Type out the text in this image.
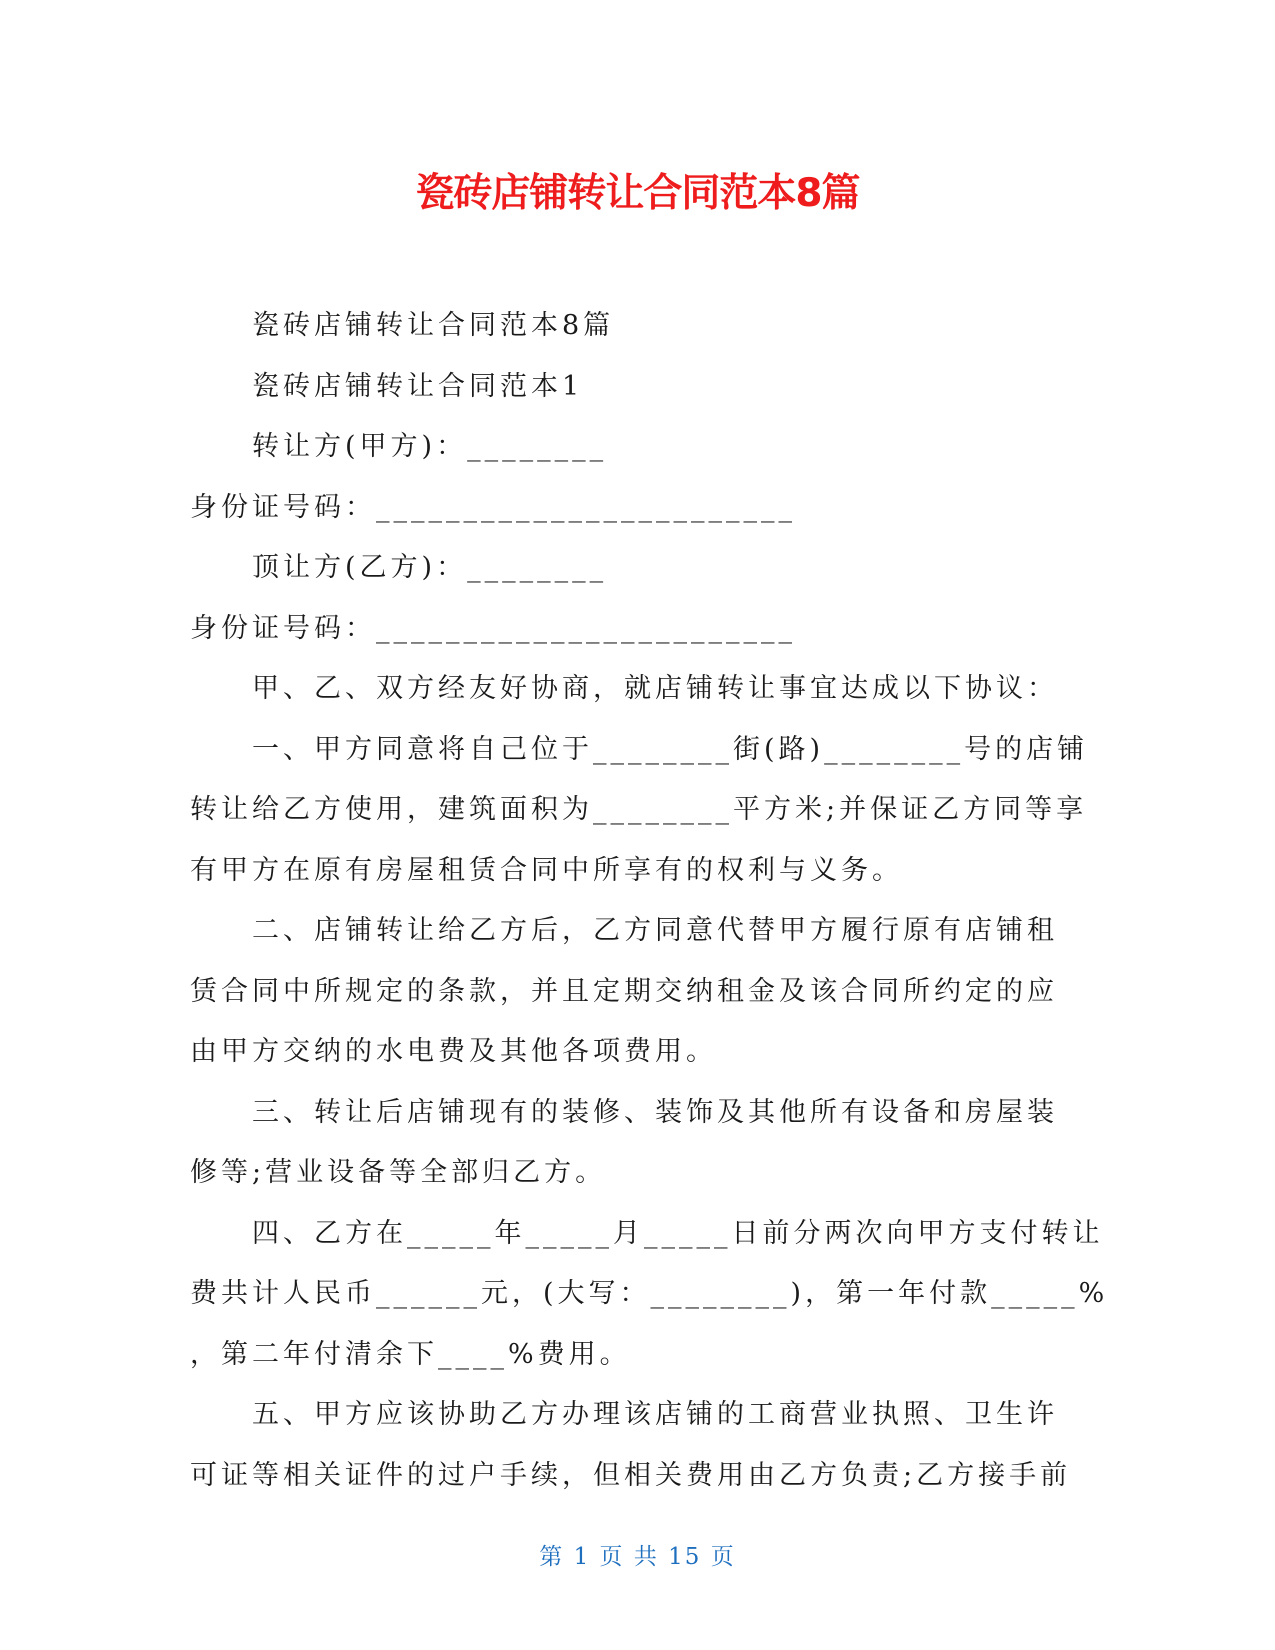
瓷砖店铺转让合同范本8篇
瓷砖店铺转让合同范本8篇
瓷砖店铺转让合同范本1
转让方(甲方)：________
身份证号码：________________________
顶让方(乙方)：________
身份证号码：________________________
甲、乙、双方经友好协商，就店铺转让事宜达成以下协议：
一、甲方同意将自己位于________街(路)________号的店铺
转让给乙方使用，建筑面积为________平方米;并保证乙方同等享
有甲方在原有房屋租赁合同中所享有的权利与义务。
二、店铺转让给乙方后，乙方同意代替甲方履行原有店铺租
赁合同中所规定的条款，并且定期交纳租金及该合同所约定的应
由甲方交纳的水电费及其他各项费用。
三、转让后店铺现有的装修、装饰及其他所有设备和房屋装
修等;营业设备等全部归乙方。
四、乙方在_____年_____月_____日前分两次向甲方支付转让
费共计人民币______元，(大写：________)，第一年付款_____%
，第二年付清余下____%费用。
五、甲方应该协助乙方办理该店铺的工商营业执照、卫生许
可证等相关证件的过户手续，但相关费用由乙方负责;乙方接手前
第 1 页 共 15 页
